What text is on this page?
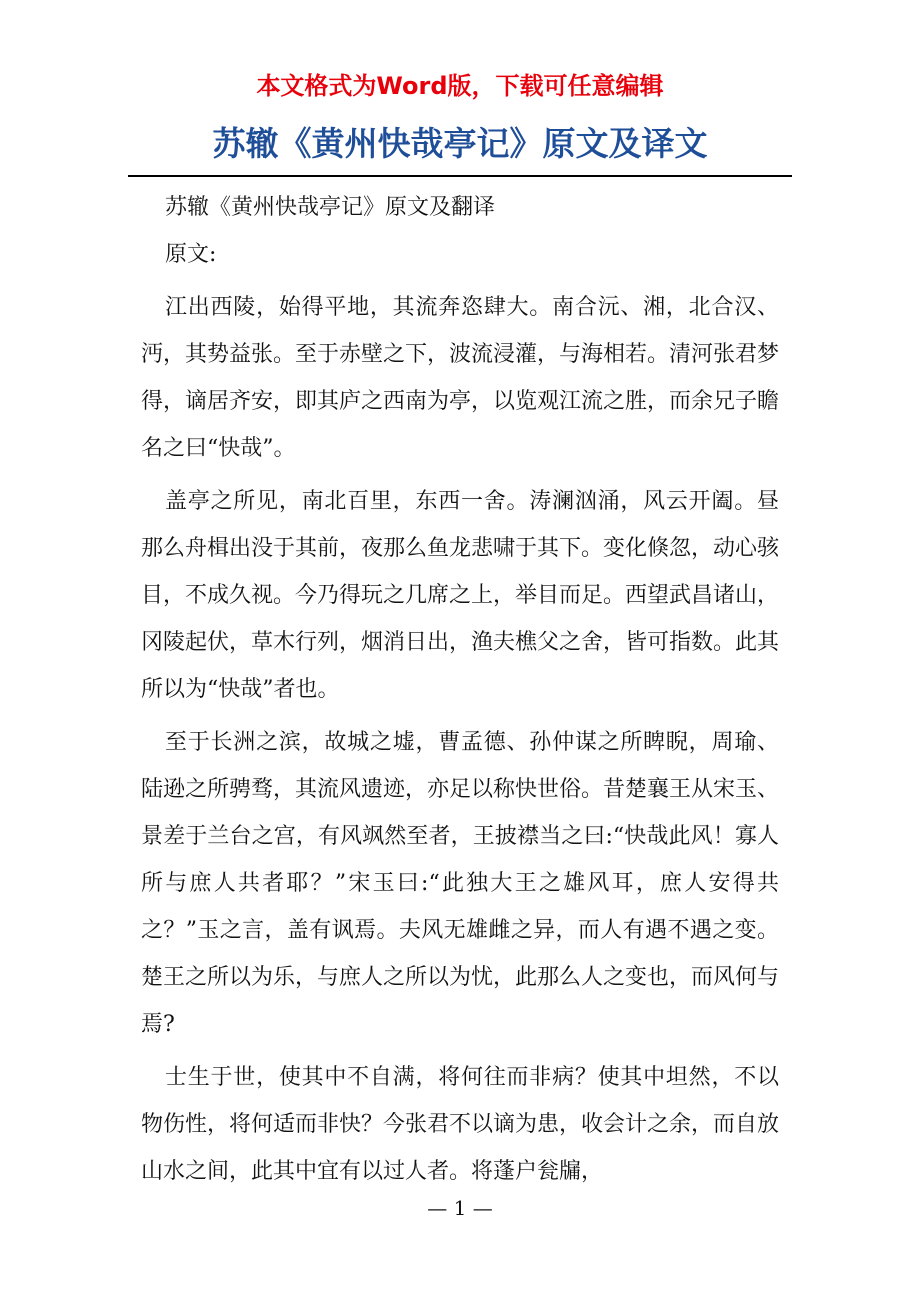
本文格式为Word版，下载可任意编辑

苏辙《黄州快哉亭记》原文及译文

苏辙《黄州快哉亭记》原文及翻译

原文:

江出西陵，始得平地，其流奔恣肆大。南合沅、湘，北合汉、沔，其势益张。至于赤壁之下，波流浸灌，与海相若。清河张君梦得，谪居齐安，即其庐之西南为亭，以览观江流之胜，而余兄子瞻名之曰“快哉”。

盖亭之所见，南北百里，东西一舍。涛澜汹涌，风云开阖。昼那么舟楫出没于其前，夜那么鱼龙悲啸于其下。变化倏忽，动心骇目，不成久视。今乃得玩之几席之上，举目而足。西望武昌诸山，冈陵起伏，草木行列，烟消日出，渔夫樵父之舍，皆可指数。此其所以为“快哉”者也。

至于长洲之滨，故城之墟，曹孟德、孙仲谋之所睥睨，周瑜、陆逊之所骋骛，其流风遗迹，亦足以称快世俗。昔楚襄王从宋玉、景差于兰台之宫，有风飒然至者，王披襟当之曰:“快哉此风！寡人所与庶人共者耶？”宋玉曰:“此独大王之雄风耳，庶人安得共之？”玉之言，盖有讽焉。夫风无雄雌之异，而人有遇不遇之变。楚王之所以为乐，与庶人之所以为忧，此那么人之变也，而风何与焉?

士生于世，使其中不自满，将何往而非病？使其中坦然，不以物伤性，将何适而非快？今张君不以谪为患，收会计之余，而自放山水之间，此其中宜有以过人者。将蓬户瓮牖，

— 1 —
